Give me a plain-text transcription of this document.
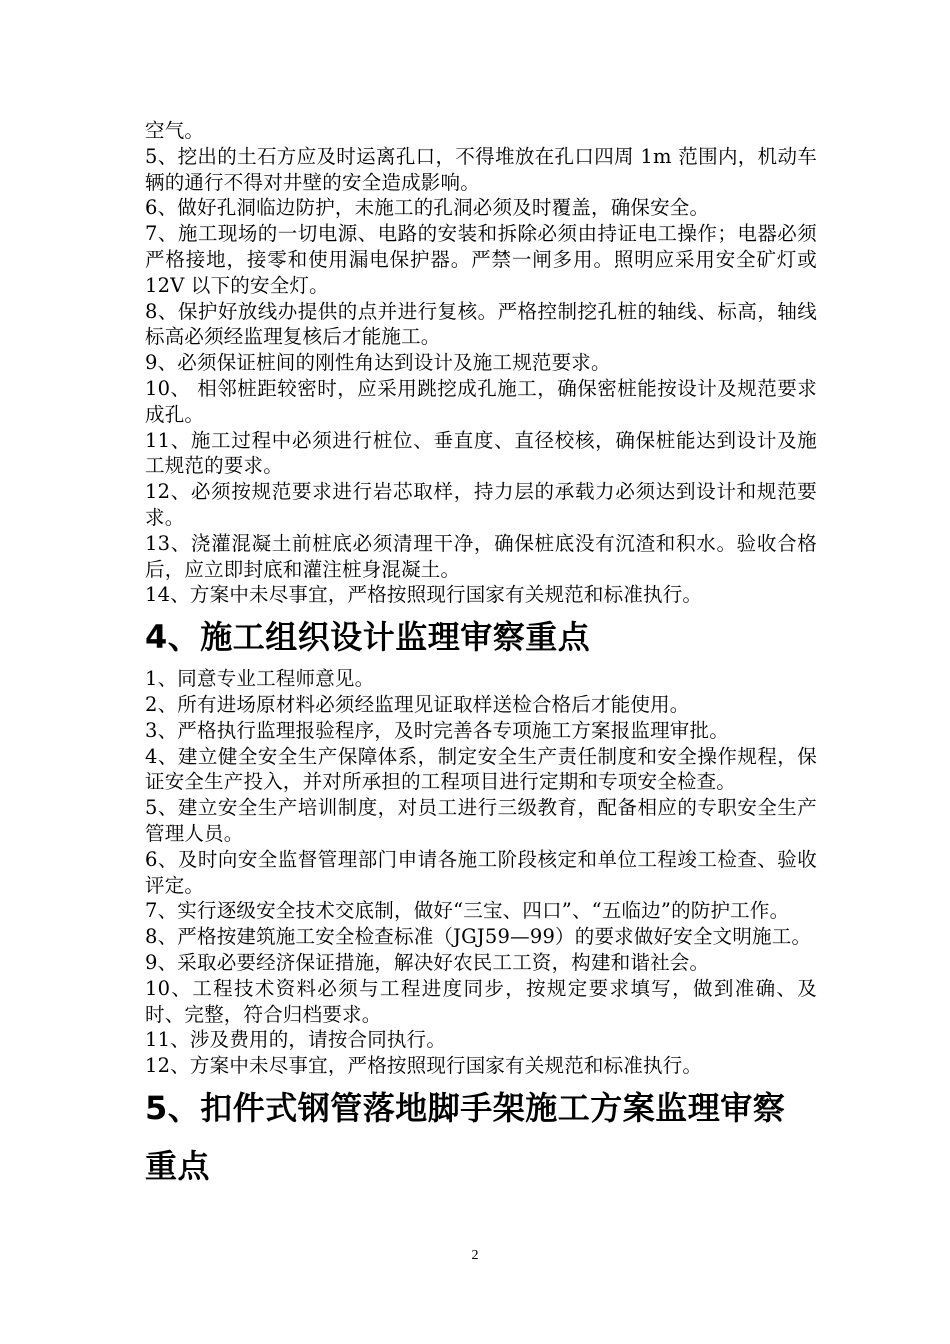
空气。

5、挖出的土石方应及时运离孔口，不得堆放在孔口四周 1m 范围内，机动车辆的通行不得对井壁的安全造成影响。

6、做好孔洞临边防护，未施工的孔洞必须及时覆盖，确保安全。

7、施工现场的一切电源、电路的安装和拆除必须由持证电工操作；电器必须严格接地，接零和使用漏电保护器。严禁一闸多用。照明应采用安全矿灯或 12V 以下的安全灯。

8、保护好放线办提供的点并进行复核。严格控制挖孔桩的轴线、标高，轴线标高必须经监理复核后才能施工。

9、必须保证桩间的刚性角达到设计及施工规范要求。

10、 相邻桩距较密时，应采用跳挖成孔施工，确保密桩能按设计及规范要求成孔。

11、施工过程中必须进行桩位、垂直度、直径校核，确保桩能达到设计及施工规范的要求。

12、必须按规范要求进行岩芯取样，持力层的承载力必须达到设计和规范要求。

13、浇灌混凝土前桩底必须清理干净，确保桩底没有沉渣和积水。验收合格后，应立即封底和灌注桩身混凝土。

14、方案中未尽事宜，严格按照现行国家有关规范和标准执行。

4、施工组织设计监理审察重点

1、同意专业工程师意见。

2、所有进场原材料必须经监理见证取样送检合格后才能使用。

3、严格执行监理报验程序，及时完善各专项施工方案报监理审批。

4、建立健全安全生产保障体系，制定安全生产责任制度和安全操作规程，保证安全生产投入，并对所承担的工程项目进行定期和专项安全检查。

5、建立安全生产培训制度，对员工进行三级教育，配备相应的专职安全生产管理人员。

6、及时向安全监督管理部门申请各施工阶段核定和单位工程竣工检查、验收评定。

7、实行逐级安全技术交底制，做好“三宝、四口”、“五临边”的防护工作。

8、严格按建筑施工安全检查标准（JGJ59—99）的要求做好安全文明施工。

9、采取必要经济保证措施，解决好农民工工资，构建和谐社会。

10、工程技术资料必须与工程进度同步，按规定要求填写，做到准确、及时、完整，符合归档要求。

11、涉及费用的，请按合同执行。

12、方案中未尽事宜，严格按照现行国家有关规范和标准执行。

5、扣件式钢管落地脚手架施工方案监理审察重点
2
